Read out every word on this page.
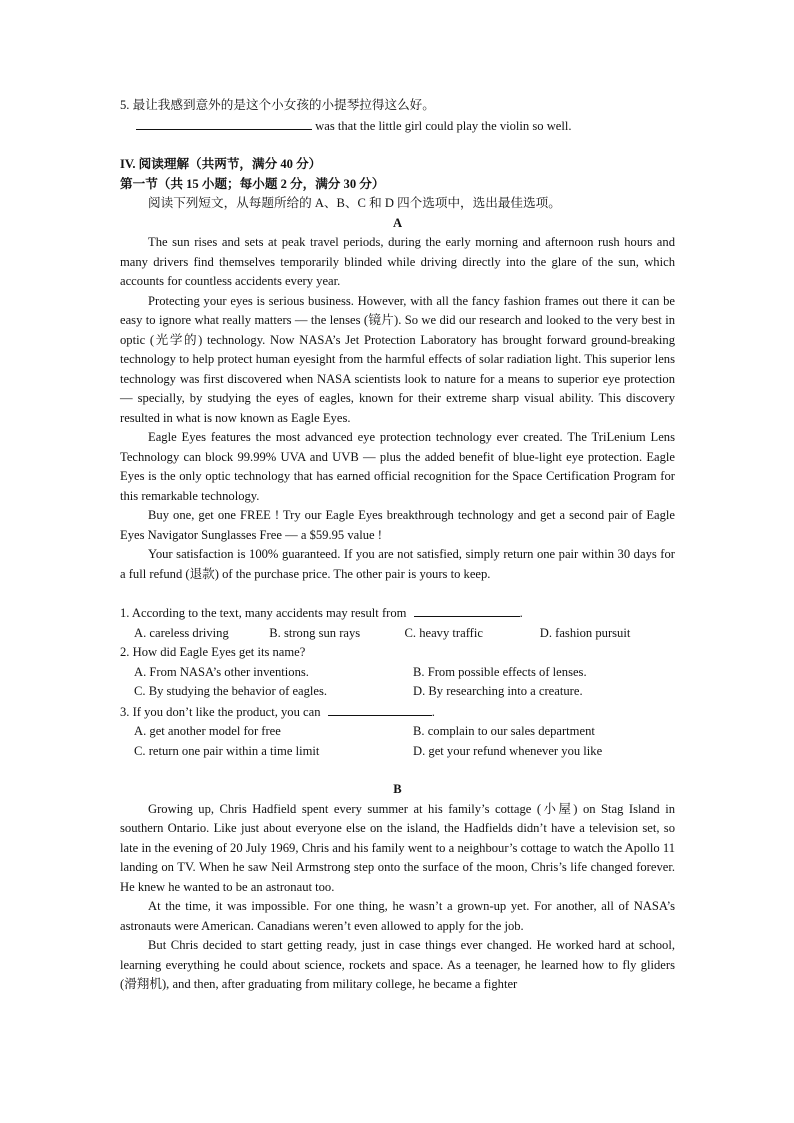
5. 最让我感到意外的是这个小女孩的小提琴拉得这么好。
was that the little girl could play the violin so well.
IV. 阅读理解（共两节，满分 40 分）
第一节（共 15 小题；每小题 2 分，满分 30 分）
阅读下列短文，从每题所给的 A、B、C 和 D 四个选项中，选出最佳选项。
A

The sun rises and sets at peak travel periods, during the early morning and afternoon rush hours and many drivers find themselves temporarily blinded while driving directly into the glare of the sun, which accounts for countless accidents every year.

Protecting your eyes is serious business. However, with all the fancy fashion frames out there it can be easy to ignore what really matters — the lenses (镜片). So we did our research and looked to the very best in optic (光学的) technology. Now NASA’s Jet Protection Laboratory has brought forward ground-breaking technology to help protect human eyesight from the harmful effects of solar radiation light. This superior lens technology was first discovered when NASA scientists look to nature for a means to superior eye protection — specially, by studying the eyes of eagles, known for their extreme sharp visual ability. This discovery resulted in what is now known as Eagle Eyes.

Eagle Eyes features the most advanced eye protection technology ever created. The TriLenium Lens Technology can block 99.99% UVA and UVB — plus the added benefit of blue-light eye protection. Eagle Eyes is the only optic technology that has earned official recognition for the Space Certification Program for this remarkable technology.

Buy one, get one FREE ! Try our Eagle Eyes breakthrough technology and get a second pair of Eagle Eyes Navigator Sunglasses Free — a $59.95 value !

Your satisfaction is 100% guaranteed. If you are not satisfied, simply return one pair within 30 days for a full refund (退款) of the purchase price. The other pair is yours to keep.

1. According to the text, many accidents may result from	.
A. careless driving	B. strong sun rays	C. heavy traffic	D. fashion pursuit
2. How did Eagle Eyes get its name?
A. From NASA’s other inventions.	B. From possible effects of lenses.
C. By studying the behavior of eagles.	D. By researching into a creature.
3. If you don’t like the product, you can	.
A. get another model for free	B. complain to our sales department
C. return one pair within a time limit	D. get your refund whenever you like
B

Growing up, Chris Hadfield spent every summer at his family’s cottage (小屋) on Stag Island in southern Ontario. Like just about everyone else on the island, the Hadfields didn’t have a television set, so late in the evening of 20 July 1969, Chris and his family went to a neighbour’s cottage to watch the Apollo 11 landing on TV. When he saw Neil Armstrong step onto the surface of the moon, Chris’s life changed forever. He knew he wanted to be an astronaut too.

At the time, it was impossible. For one thing, he wasn’t a grown-up yet. For another, all of NASA’s astronauts were American. Canadians weren’t even allowed to apply for the job.

But Chris decided to start getting ready, just in case things ever changed. He worked hard at school, learning everything he could about science, rockets and space. As a teenager, he learned how to fly gliders (滑翔机), and then, after graduating from military college, he became a fighter
